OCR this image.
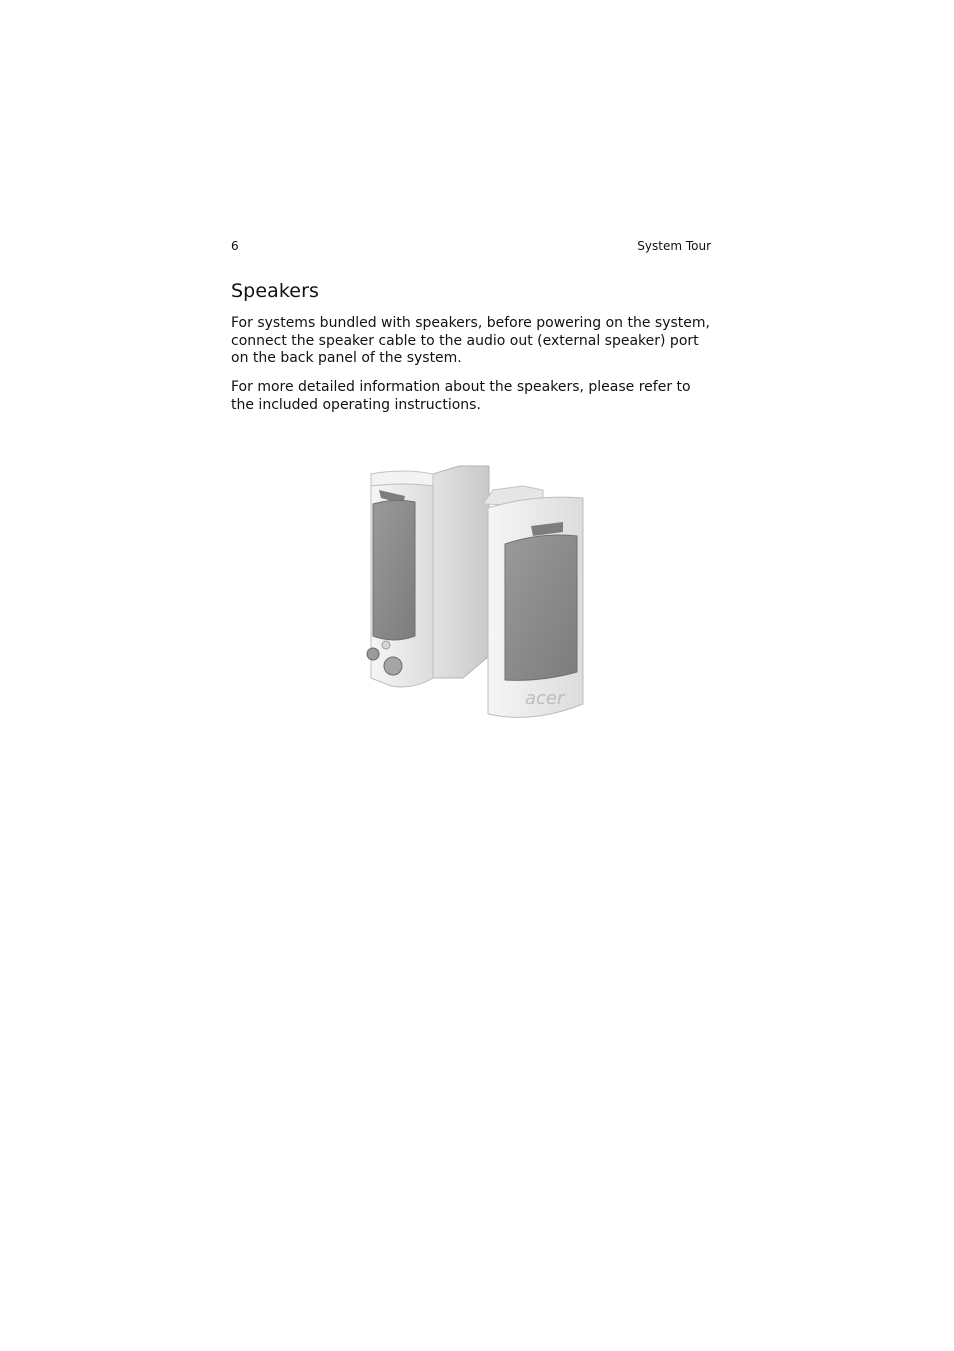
6	System Tour
Speakers

For systems bundled with speakers, before powering on the system, connect the speaker cable to the audio out (external speaker) port on the back panel of the system.

For more detailed information about the speakers, please refer to the included operating instructions.

acer
